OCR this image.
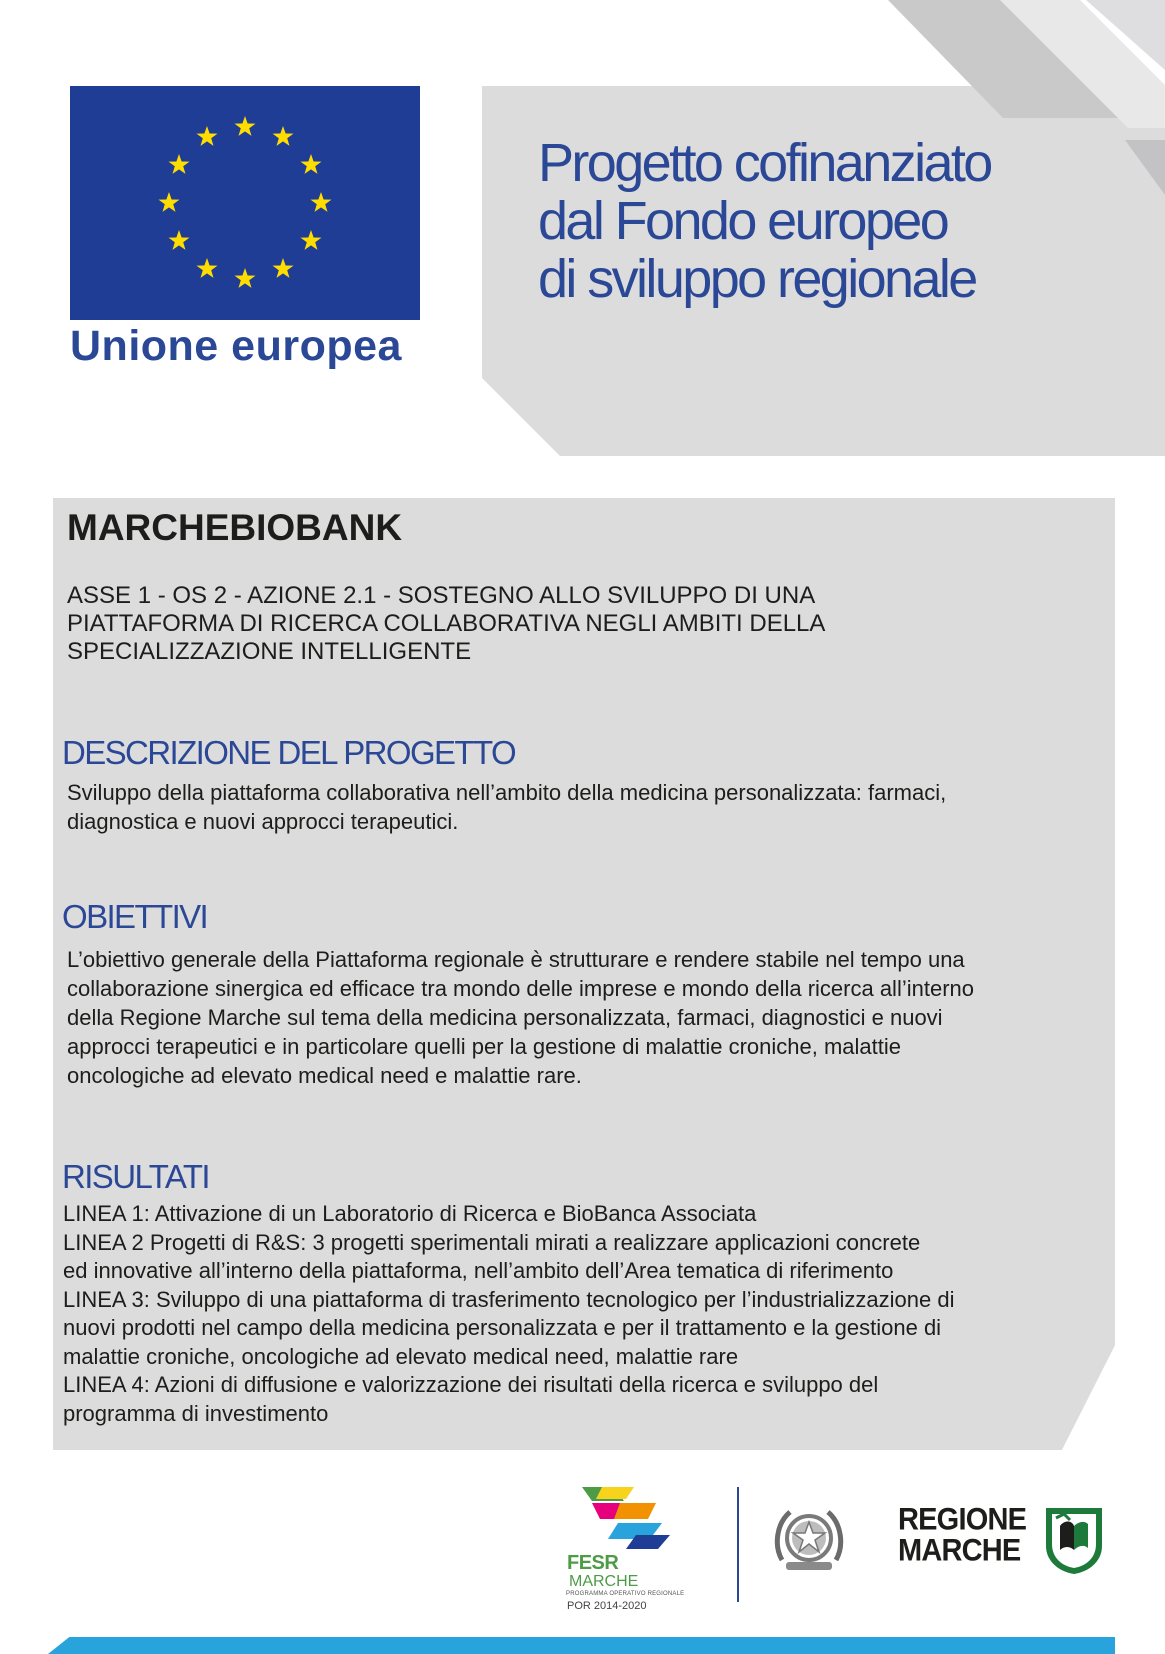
Unione europea
Progetto cofinanziato
dal Fondo europeo
di sviluppo regionale
MARCHEBIOBANK
ASSE 1 - OS 2 - AZIONE 2.1 - SOSTEGNO ALLO SVILUPPO DI UNA
PIATTAFORMA DI RICERCA COLLABORATIVA NEGLI AMBITI DELLA
SPECIALIZZAZIONE INTELLIGENTE
DESCRIZIONE DEL PROGETTO
Sviluppo della piattaforma collaborativa nell’ambito della medicina personalizzata: farmaci,
diagnostica e nuovi approcci terapeutici.
OBIETTIVI
L’obiettivo generale della Piattaforma regionale è strutturare e rendere stabile nel tempo una
collaborazione sinergica ed efficace tra mondo delle imprese e mondo della ricerca all’interno
della Regione Marche sul tema della medicina personalizzata, farmaci, diagnostici e nuovi
approcci terapeutici e in particolare quelli per la gestione di malattie croniche, malattie
oncologiche ad elevato medical need e malattie rare.
RISULTATI
LINEA 1: Attivazione di un Laboratorio di Ricerca e BioBanca Associata
LINEA 2 Progetti di R&S: 3 progetti sperimentali mirati a realizzare applicazioni concrete
ed innovative all’interno della piattaforma, nell’ambito dell’Area tematica di riferimento
LINEA 3: Sviluppo di una piattaforma di trasferimento tecnologico per l’industrializzazione di
nuovi prodotti nel campo della medicina personalizzata e per il trattamento e la gestione di
malattie croniche, oncologiche ad elevato medical need, malattie rare
LINEA 4: Azioni di diffusione e valorizzazione dei risultati della ricerca e sviluppo del
programma di investimento
FESR
MARCHE
PROGRAMMA OPERATIVO REGIONALE
POR 2014-2020
REGIONE
MARCHE
